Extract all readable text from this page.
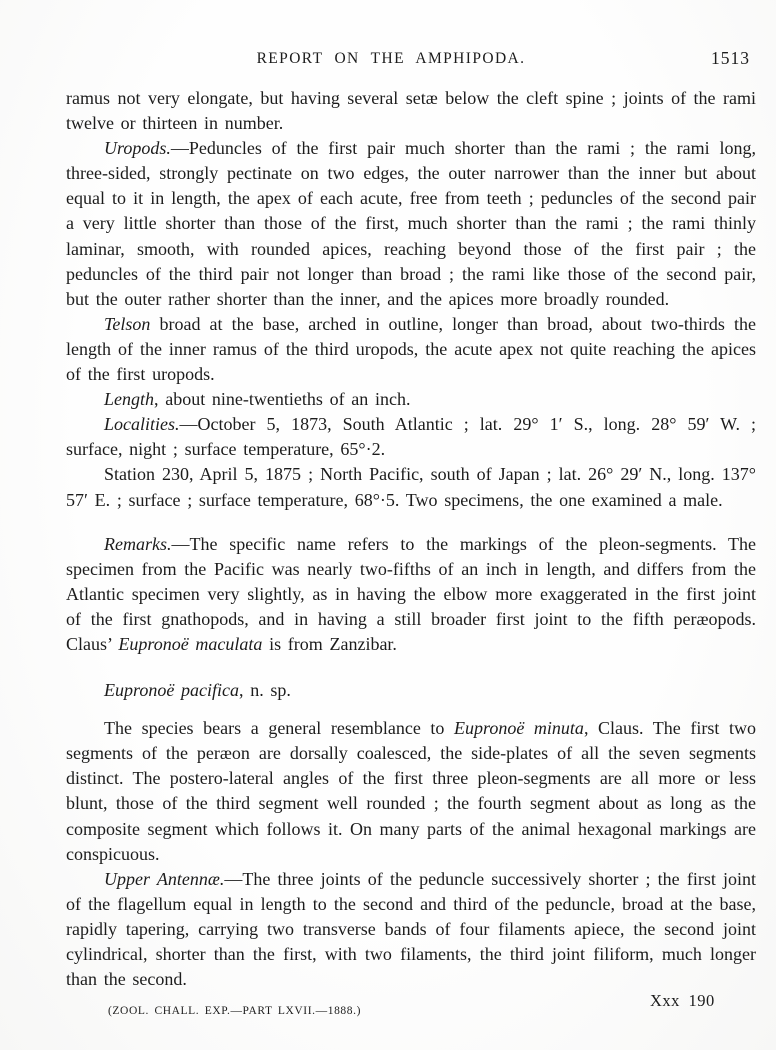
REPORT ON THE AMPHIPODA.	1513

ramus not very elongate, but having several setæ below the cleft spine ; joints of the rami twelve or thirteen in number.

Uropods.—Peduncles of the first pair much shorter than the rami ; the rami long, three-sided, strongly pectinate on two edges, the outer narrower than the inner but about equal to it in length, the apex of each acute, free from teeth ; peduncles of the second pair a very little shorter than those of the first, much shorter than the rami ; the rami thinly laminar, smooth, with rounded apices, reaching beyond those of the first pair ; the peduncles of the third pair not longer than broad ; the rami like those of the second pair, but the outer rather shorter than the inner, and the apices more broadly rounded.

Telson broad at the base, arched in outline, longer than broad, about two-thirds the length of the inner ramus of the third uropods, the acute apex not quite reaching the apices of the first uropods.

Length, about nine-twentieths of an inch.

Localities.—October 5, 1873, South Atlantic ; lat. 29° 1′ S., long. 28° 59′ W. ; surface, night ; surface temperature, 65°·2.

Station 230, April 5, 1875 ; North Pacific, south of Japan ; lat. 26° 29′ N., long. 137° 57′ E. ; surface ; surface temperature, 68°·5. Two specimens, the one examined a male.

Remarks.—The specific name refers to the markings of the pleon-segments. The specimen from the Pacific was nearly two-fifths of an inch in length, and differs from the Atlantic specimen very slightly, as in having the elbow more exaggerated in the first joint of the first gnathopods, and in having a still broader first joint to the fifth peræopods. Claus’ Eupronoë maculata is from Zanzibar.

Eupronoë pacifica, n. sp.

The species bears a general resemblance to Eupronoë minuta, Claus. The first two segments of the peræon are dorsally coalesced, the side-plates of all the seven segments distinct. The postero-lateral angles of the first three pleon-segments are all more or less blunt, those of the third segment well rounded ; the fourth segment about as long as the composite segment which follows it. On many parts of the animal hexagonal markings are conspicuous.

Upper Antennæ.—The three joints of the peduncle successively shorter ; the first joint of the flagellum equal in length to the second and third of the peduncle, broad at the base, rapidly tapering, carrying two transverse bands of four filaments apiece, the second joint cylindrical, shorter than the first, with two filaments, the third joint filiform, much longer than the second.

(ZOOL. CHALL. EXP.—PART LXVII.—1888.)
Xxx 190
